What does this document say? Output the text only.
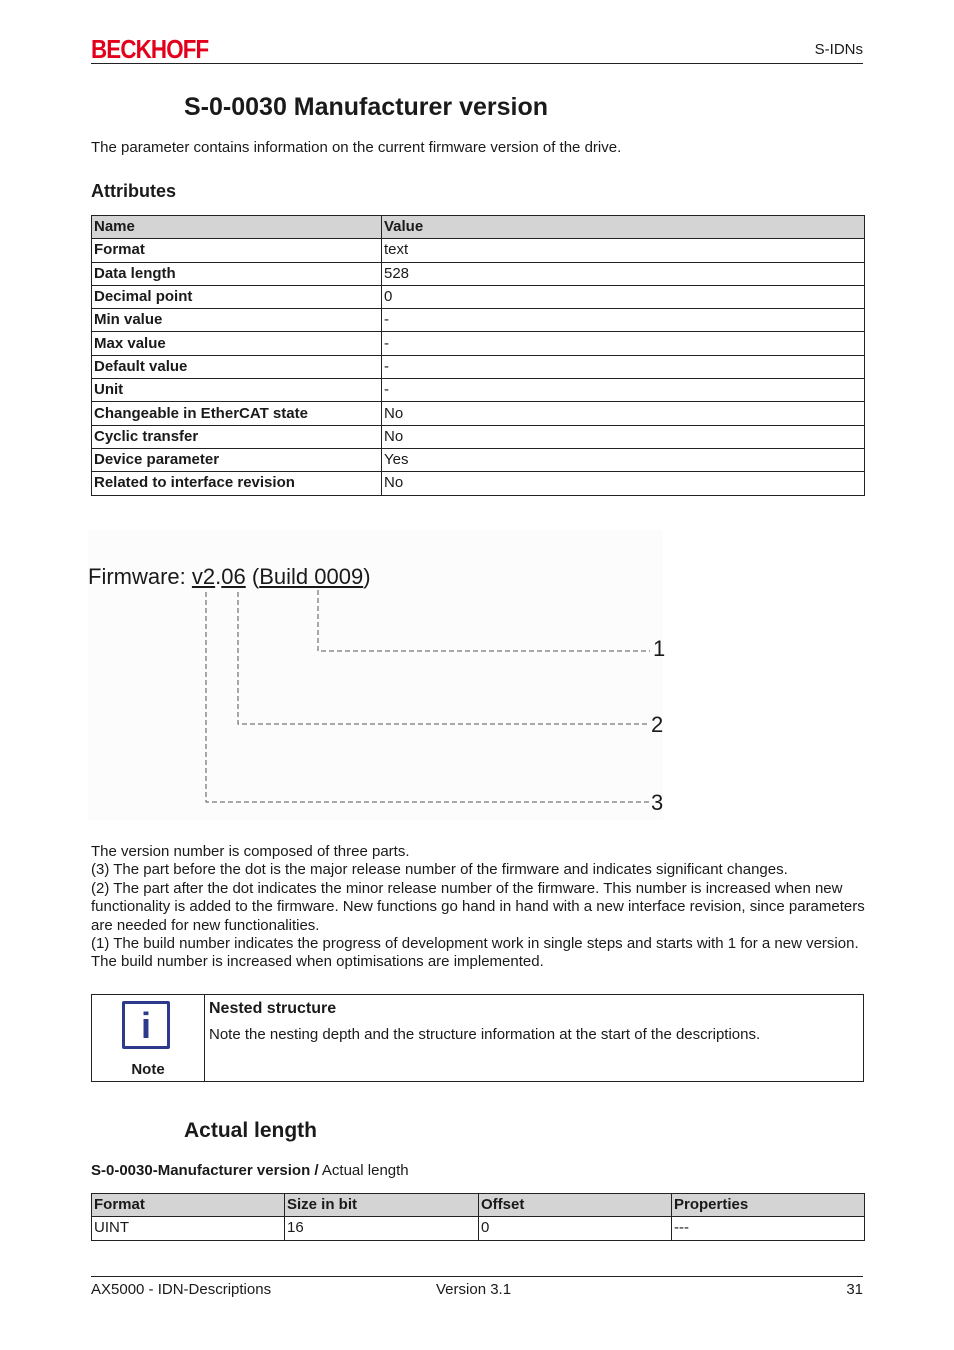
BECKHOFF	S-IDNs
S-0-0030 Manufacturer version
The parameter contains information on the current firmware version of the drive.
Attributes
Name	Value
Format	text
Data length	528
Decimal point	0
Min value	-
Max value	-
Default value	-
Unit	-
Changeable in EtherCAT state	No
Cyclic transfer	No
Device parameter	Yes
Related to interface revision	No
Firmware: v2.06 (Build 0009)
1
2
3
The version number is composed of three parts.
(3) The part before the dot is the major release number of the firmware and indicates significant changes.
(2) The part after the dot indicates the minor release number of the firmware. This number is increased when new functionality is added to the firmware. New functions go hand in hand with a new interface revision, since parameters are needed for new functionalities.
(1) The build number indicates the progress of development work in single steps and starts with 1 for a new version. The build number is increased when optimisations are implemented.
i
Note
Nested structure
Note the nesting depth and the structure information at the start of the descriptions.
Actual length
S-0-0030-Manufacturer version / Actual length
Format	Size in bit	Offset	Properties
UINT	16	0	---
AX5000 - IDN-Descriptions	Version 3.1	31
